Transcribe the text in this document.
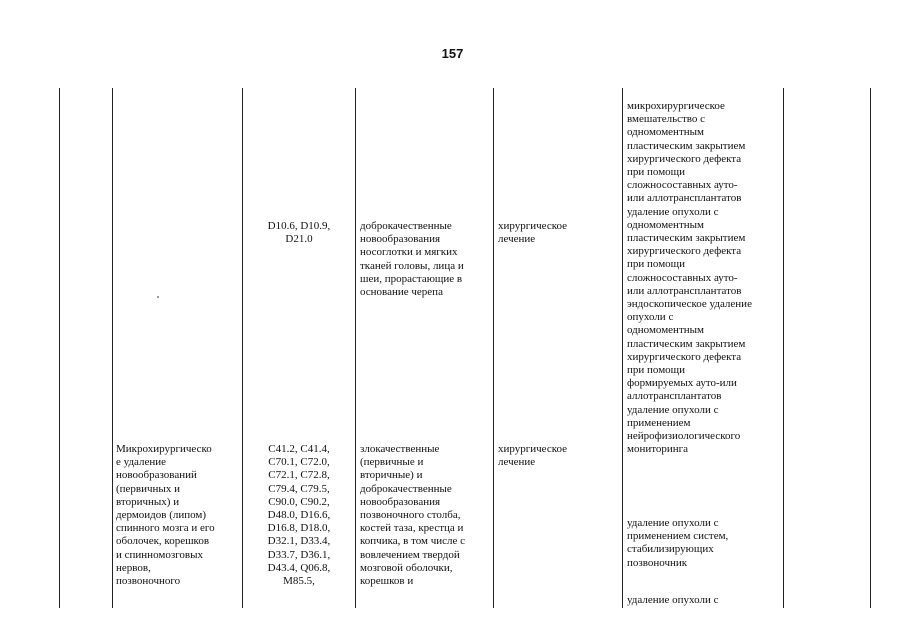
157
D10.6, D10.9,
D21.0
доброкачественные
новообразования
носоглотки и мягких
тканей головы, лица и
шеи, прорастающие в
основание черепа
хирургическое
лечение
Микрохирургическо
е удаление
новообразований
(первичных и
вторичных) и
дермоидов (липом)
спинного мозга и его
оболочек, корешков
и спинномозговых
нервов,
позвоночного
C41.2, C41.4,
C70.1, C72.0,
C72.1, C72.8,
C79.4, C79.5,
C90.0, C90.2,
D48.0, D16.6,
D16.8, D18.0,
D32.1, D33.4,
D33.7, D36.1,
D43.4, Q06.8,
M85.5,
злокачественные
(первичные и
вторичные) и
доброкачественные
новообразования
позвоночного столба,
костей таза, крестца и
копчика, в том числе с
вовлечением твердой
мозговой оболочки,
корешков и
хирургическое
лечение
микрохирургическое
вмешательство с
одномоментным
пластическим закрытием
хирургического дефекта
при помощи
сложносоставных ауто-
или аллотрансплантатов
удаление опухоли с
одномоментным
пластическим закрытием
хирургического дефекта
при помощи
сложносоставных ауто-
или аллотрансплантатов
эндоскопическое удаление
опухоли с
одномоментным
пластическим закрытием
хирургического дефекта
при помощи
формируемых ауто-или
аллотрансплантатов
удаление опухоли с
применением
нейрофизиологического
мониторинга
удаление опухоли с
применением систем,
стабилизирующих
позвоночник
удаление опухоли с
